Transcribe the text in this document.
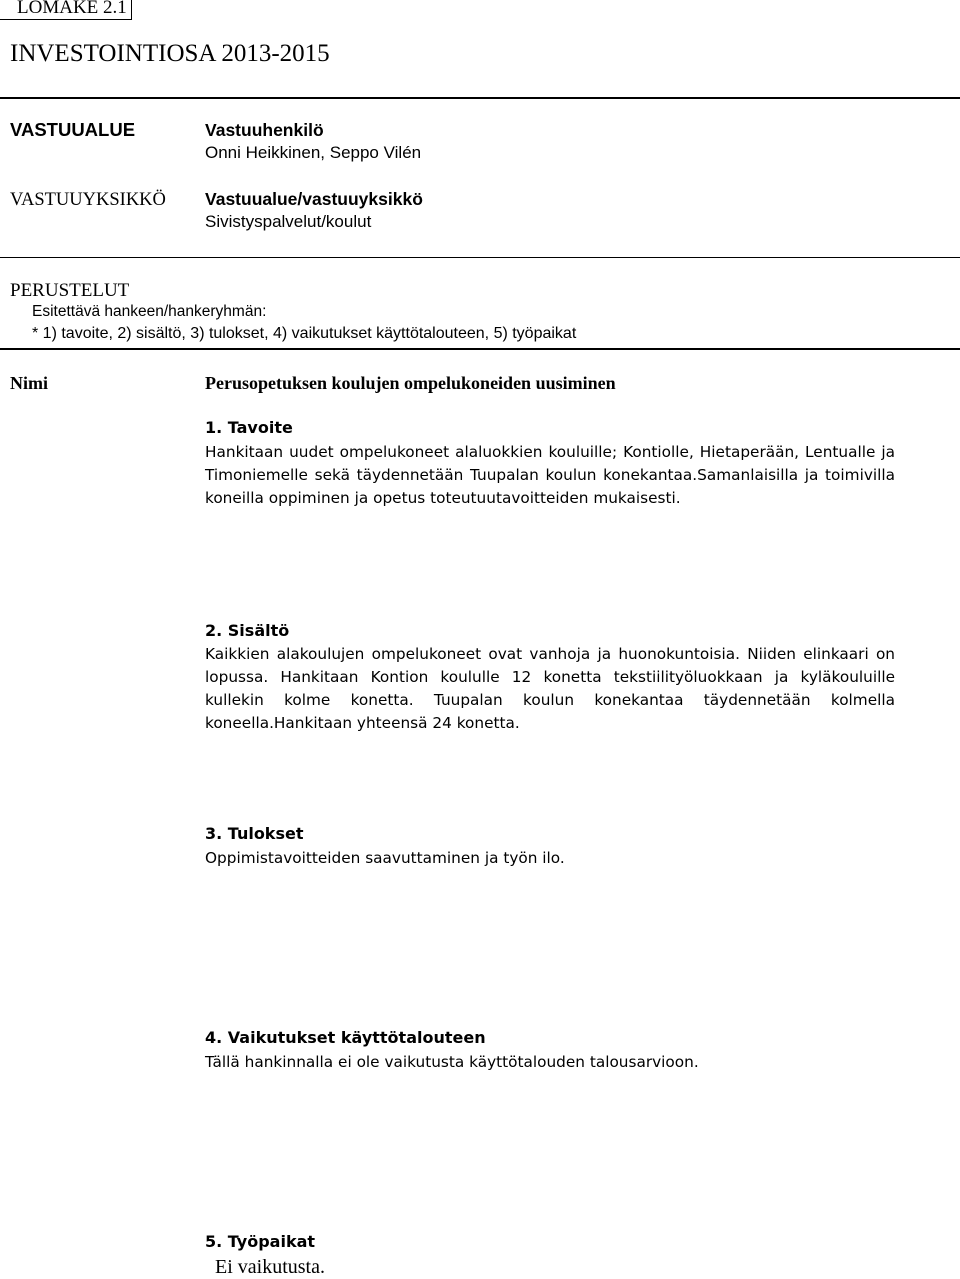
LOMAKE 2.1
INVESTOINTIOSA 2013-2015
VASTUUALUE	Vastuuhenkilö
Onni Heikkinen, Seppo Vilén
VASTUUYKSIKKÖ Vastuualue/vastuuyksikkö
Sivistyspalvelut/koulut
PERUSTELUT
Esitettävä hankeen/hankeryhmän:
* 1) tavoite, 2) sisältö, 3) tulokset, 4) vaikutukset käyttötalouteen, 5) työpaikat
Nimi	Perusopetuksen koulujen ompelukoneiden uusiminen
1. Tavoite
Hankitaan uudet ompelukoneet alaluokkien kouluille; Kontiolle, Hietaperään, Lentualle ja Timoniemelle sekä täydennetään Tuupalan koulun konekantaa.Samanlaisilla ja toimivilla koneilla oppiminen ja opetus toteutuutavoitteiden mukaisesti.
2. Sisältö
Kaikkien alakoulujen ompelukoneet ovat vanhoja ja huonokuntoisia. Niiden elinkaari on lopussa. Hankitaan Kontion koululle 12 konetta tekstiilityöluokkaan ja kyläkouluille kullekin kolme konetta. Tuupalan koulun konekantaa täydennetään kolmella koneella.Hankitaan yhteensä 24 konetta.
3. Tulokset
Oppimistavoitteiden saavuttaminen ja työn ilo.
4. Vaikutukset käyttötalouteen
Tällä hankinnalla ei ole vaikutusta käyttötalouden talousarvioon.
5. Työpaikat
Ei vaikutusta.
